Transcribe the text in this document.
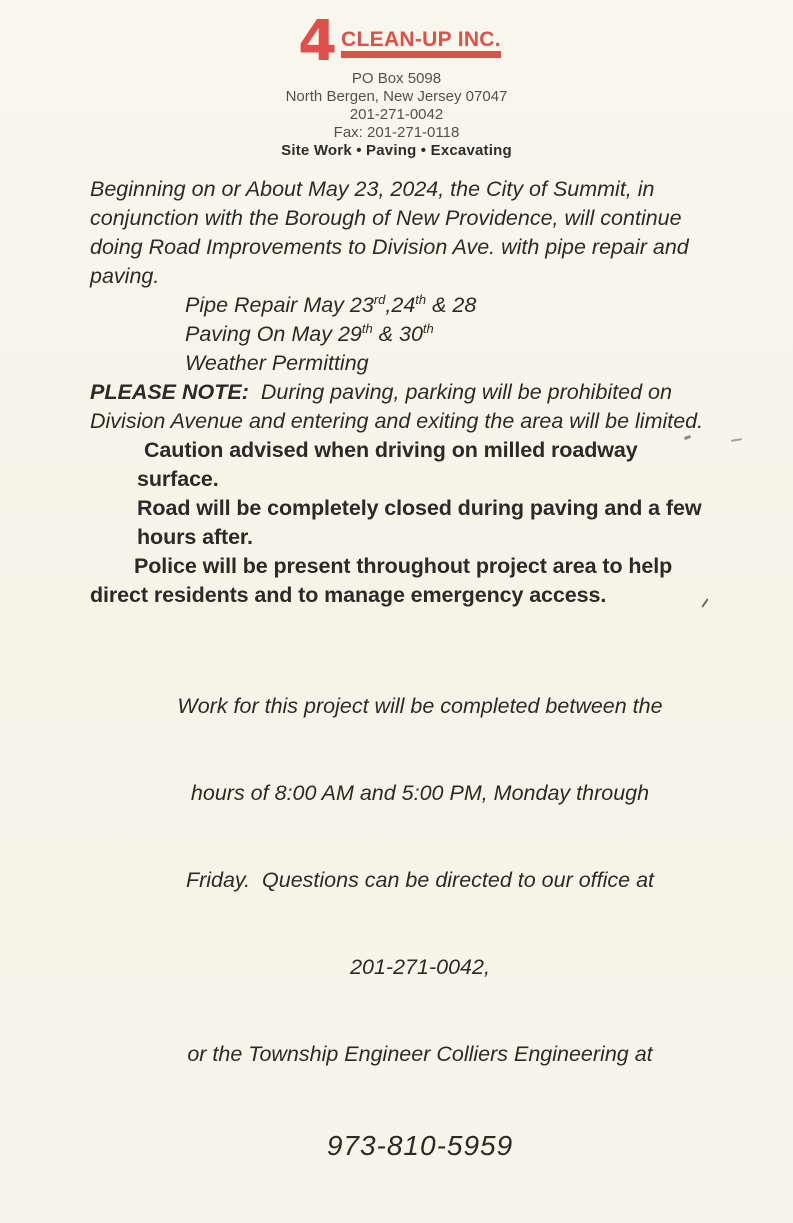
4 CLEAN-UP INC.
PO Box 5098
North Bergen, New Jersey 07047
201-271-0042
Fax: 201-271-0118
Site Work • Paving • Excavating

Beginning on or About May 23, 2024, the City of Summit, in conjunction with the Borough of New Providence, will continue doing Road Improvements to Division Ave. with pipe repair and paving.

Pipe Repair May 23rd,24th & 28
Paving On May 29th & 30th
Weather Permitting

PLEASE NOTE:  During paving, parking will be prohibited on Division Avenue and entering and exiting the area will be limited.

Caution advised when driving on milled roadway surface.

Road will be completely closed during paving and a few hours after.

Police will be present throughout project area to help direct residents and to manage emergency access.

Work for this project will be completed between the

hours of 8:00 AM and 5:00 PM, Monday through

Friday.  Questions can be directed to our office at

201-271-0042,

or the Township Engineer Colliers Engineering at

973-810-5959
